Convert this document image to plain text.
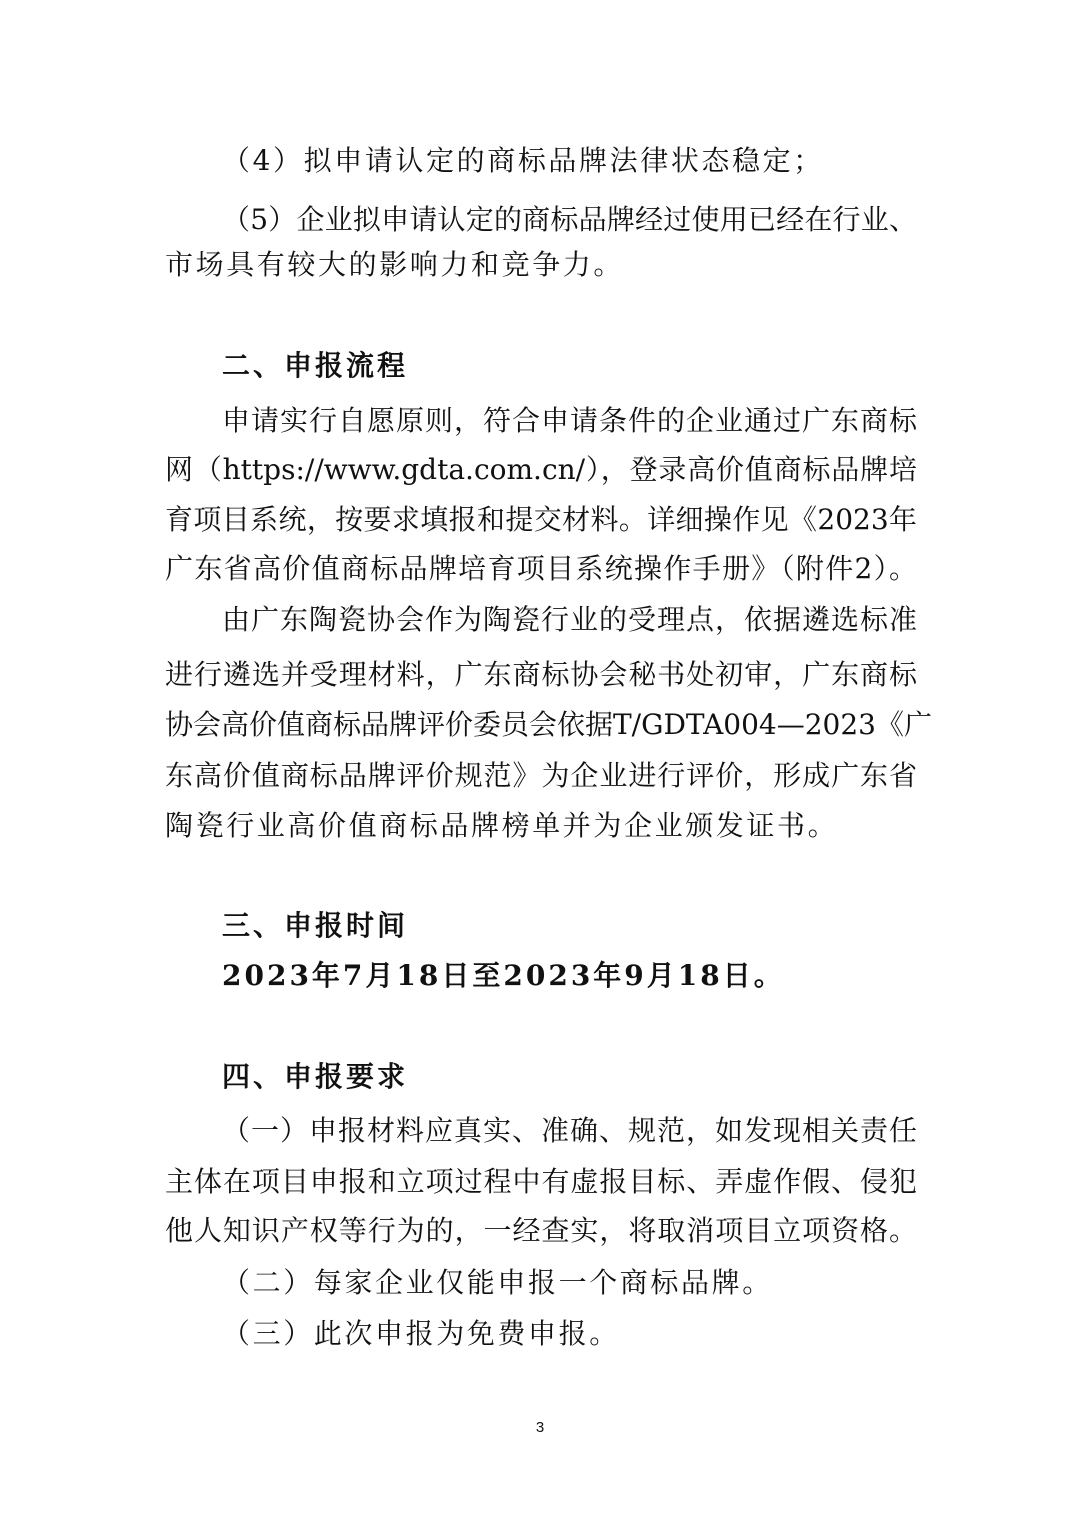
（4）拟申请认定的商标品牌法律状态稳定；
（5）企业拟申请认定的商标品牌经过使用已经在行业、
市场具有较大的影响力和竞争力。
二、申报流程
申请实行自愿原则，符合申请条件的企业通过广东商标
网（https://www.gdta.com.cn/），登录高价值商标品牌培
育项目系统，按要求填报和提交材料。详细操作见《2023年
广东省高价值商标品牌培育项目系统操作手册》（附件2）。
由广东陶瓷协会作为陶瓷行业的受理点，依据遴选标准
进行遴选并受理材料，广东商标协会秘书处初审，广东商标
协会高价值商标品牌评价委员会依据T/GDTA004—2023《广
东高价值商标品牌评价规范》为企业进行评价，形成广东省
陶瓷行业高价值商标品牌榜单并为企业颁发证书。
三、申报时间
2023年7月18日至2023年9月18日。
四、申报要求
（一）申报材料应真实、准确、规范，如发现相关责任
主体在项目申报和立项过程中有虚报目标、弄虚作假、侵犯
他人知识产权等行为的，一经查实，将取消项目立项资格。
（二）每家企业仅能申报一个商标品牌。
（三）此次申报为免费申报。
3
